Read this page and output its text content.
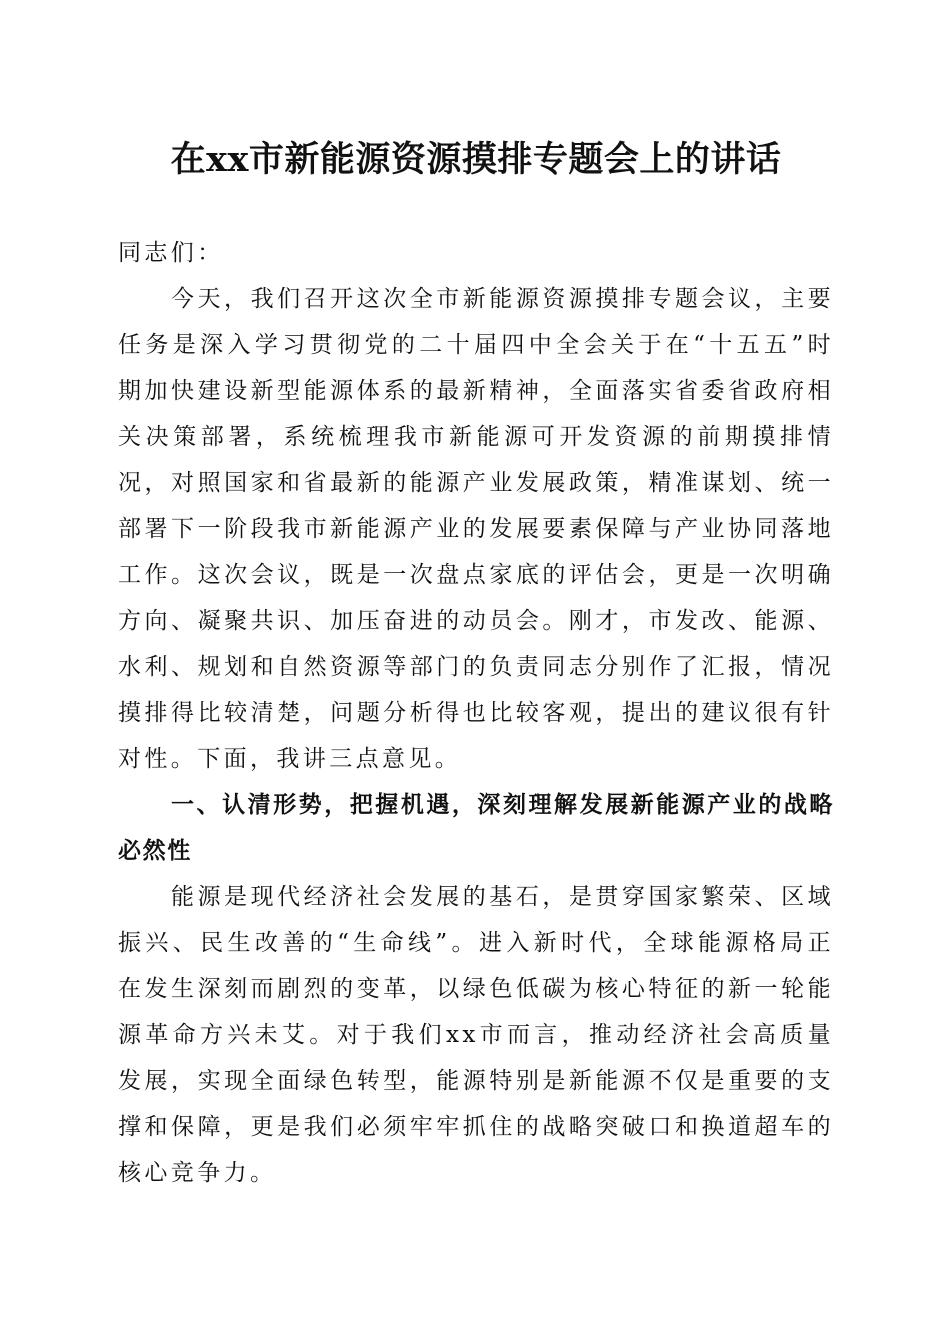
在xx市新能源资源摸排专题会上的讲话

同志们：

今天，我们召开这次全市新能源资源摸排专题会议，主要任务是深入学习贯彻党的二十届四中全会关于在“十五五”时期加快建设新型能源体系的最新精神，全面落实省委省政府相关决策部署，系统梳理我市新能源可开发资源的前期摸排情况，对照国家和省最新的能源产业发展政策，精准谋划、统一部署下一阶段我市新能源产业的发展要素保障与产业协同落地工作。这次会议，既是一次盘点家底的评估会，更是一次明确方向、凝聚共识、加压奋进的动员会。刚才，市发改、能源、水利、规划和自然资源等部门的负责同志分别作了汇报，情况摸排得比较清楚，问题分析得也比较客观，提出的建议很有针对性。下面，我讲三点意见。

一、认清形势，把握机遇，深刻理解发展新能源产业的战略必然性

能源是现代经济社会发展的基石，是贯穿国家繁荣、区域振兴、民生改善的“生命线”。进入新时代，全球能源格局正在发生深刻而剧烈的变革，以绿色低碳为核心特征的新一轮能源革命方兴未艾。对于我们xx市而言，推动经济社会高质量发展，实现全面绿色转型，能源特别是新能源不仅是重要的支撑和保障，更是我们必须牢牢抓住的战略突破口和换道超车的核心竞争力。
